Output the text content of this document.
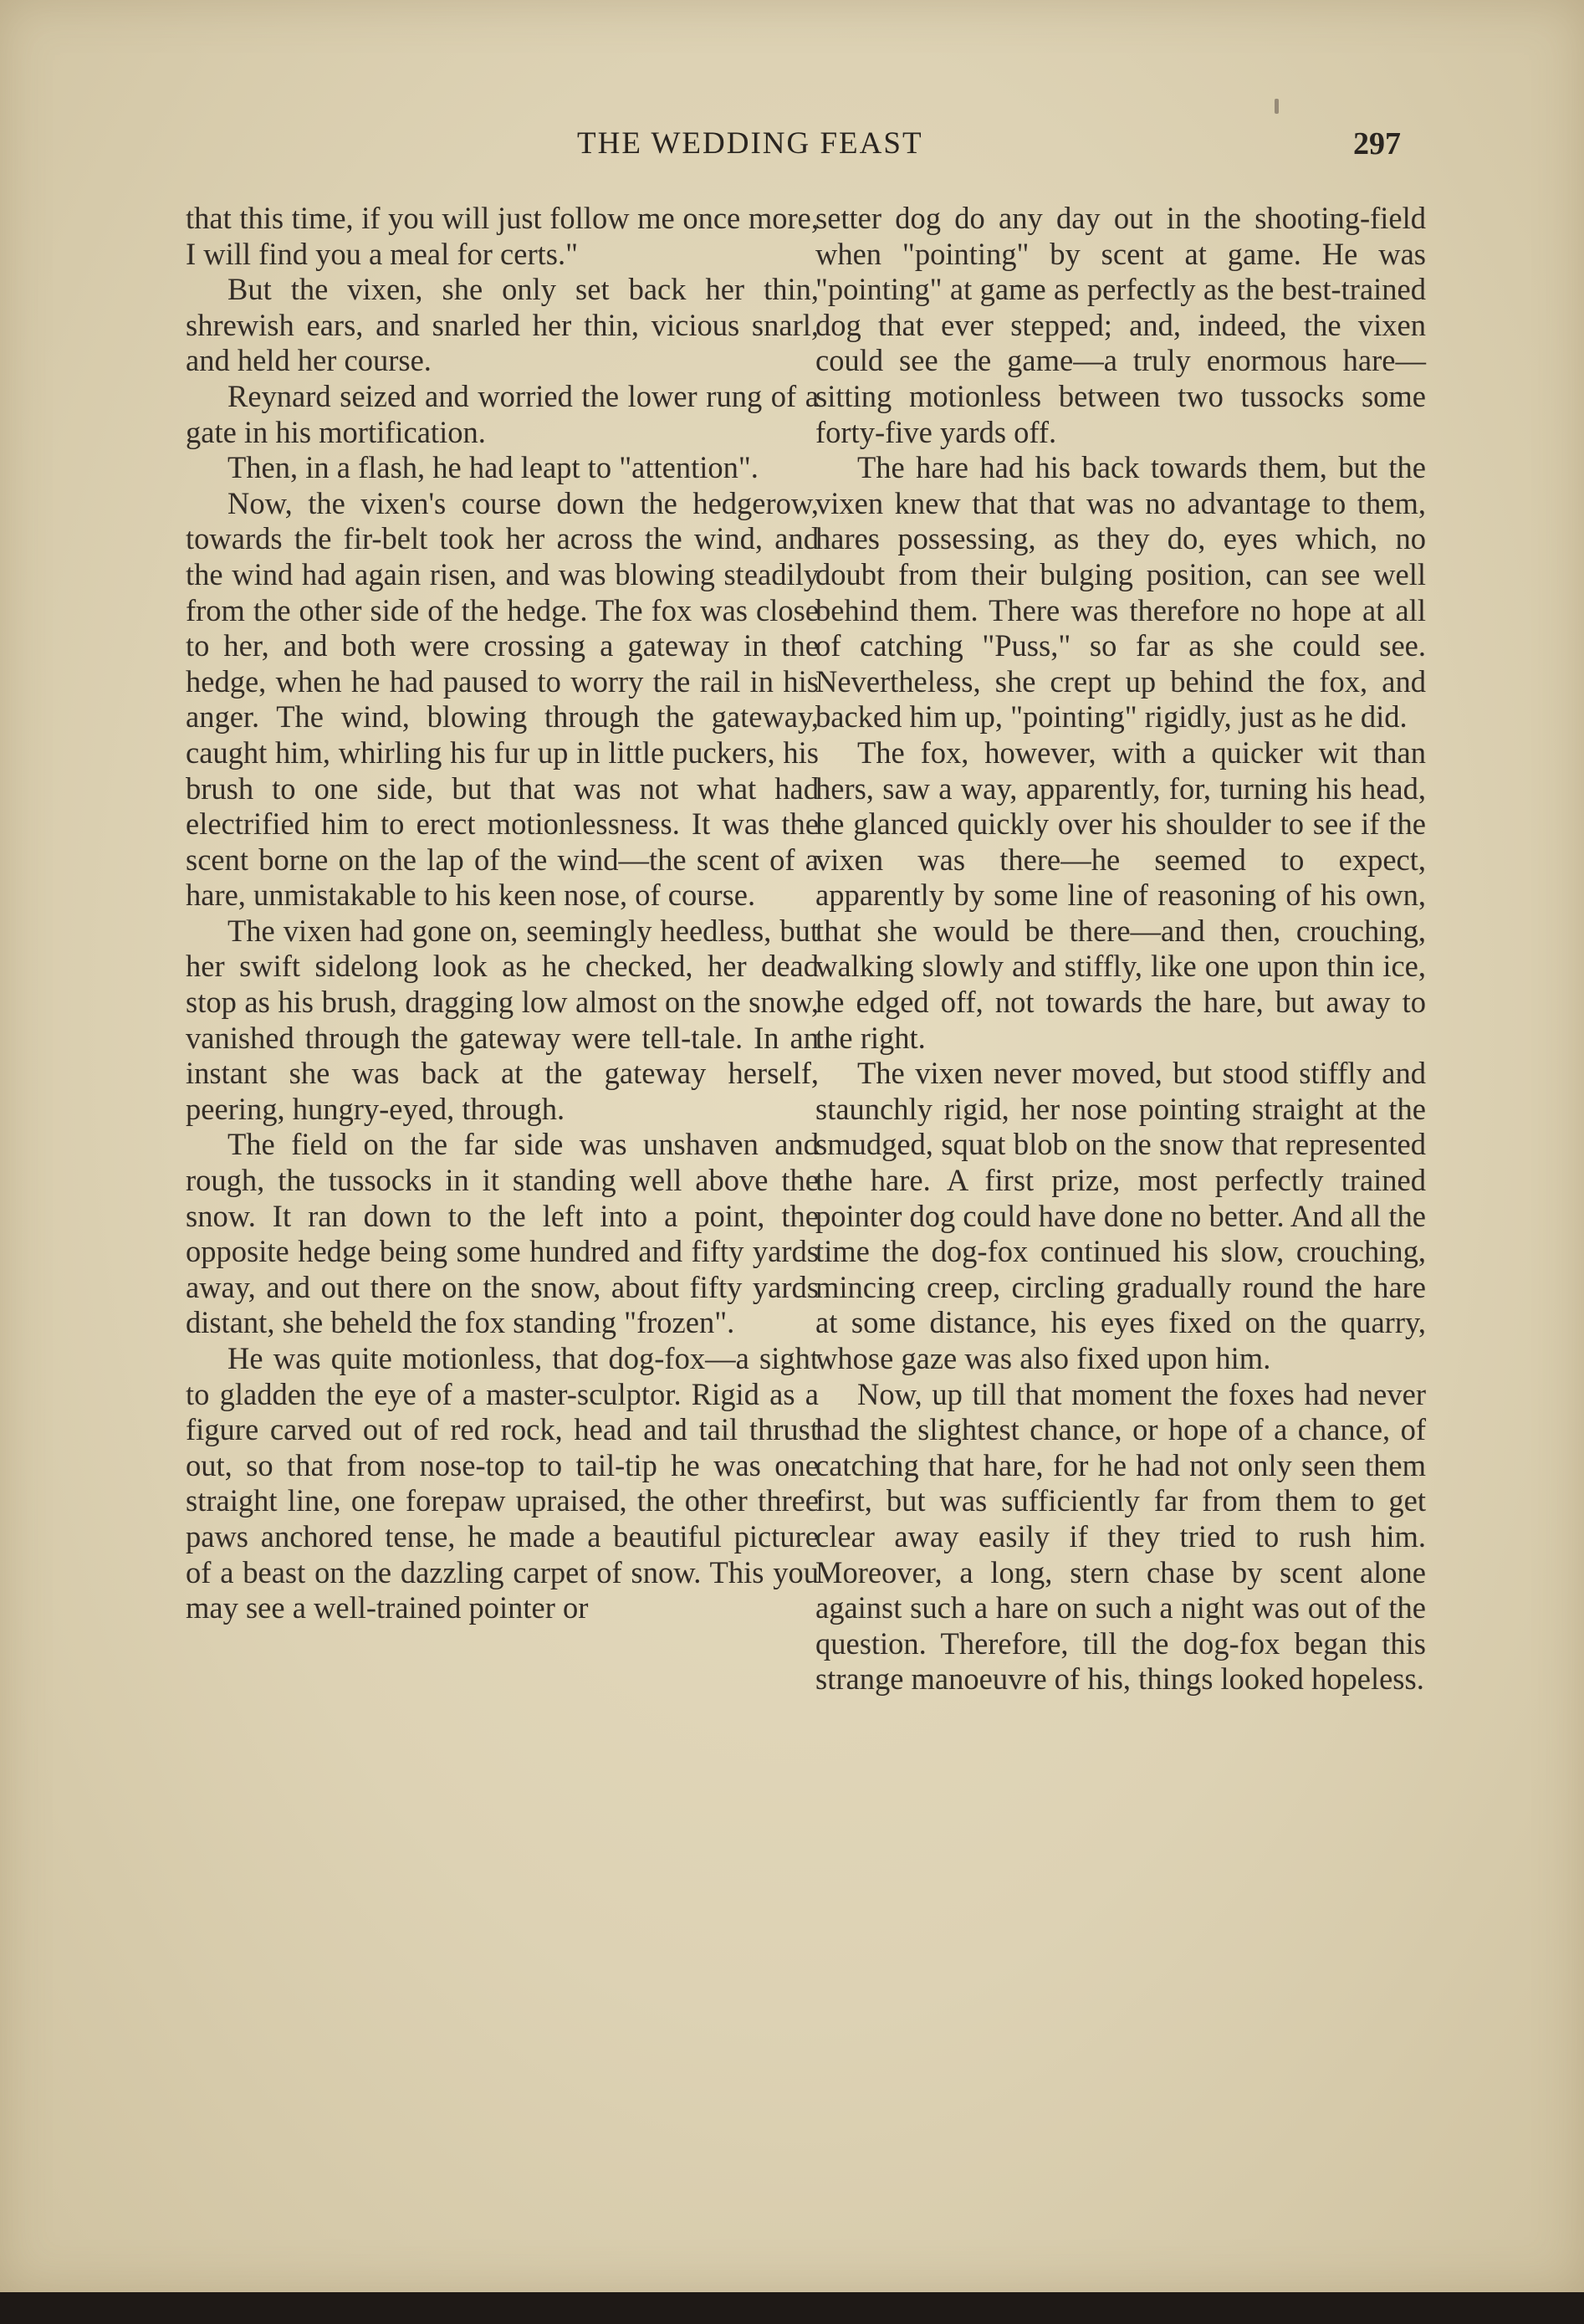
THE WEDDING FEAST	297

that this time, if you will just follow me once more, I will find you a meal for certs."

But the vixen, she only set back her thin, shrewish ears, and snarled her thin, vicious snarl, and held her course.

Reynard seized and worried the lower rung of a gate in his mortification.

Then, in a flash, he had leapt to "attention".

Now, the vixen's course down the hedgerow, towards the fir-belt took her across the wind, and the wind had again risen, and was blowing steadily from the other side of the hedge. The fox was close to her, and both were crossing a gateway in the hedge, when he had paused to worry the rail in his anger. The wind, blowing through the gateway, caught him, whirling his fur up in little puckers, his brush to one side, but that was not what had electrified him to erect motionlessness. It was the scent borne on the lap of the wind—the scent of a hare, unmistakable to his keen nose, of course.

The vixen had gone on, seemingly heedless, but her swift sidelong look as he checked, her dead stop as his brush, dragging low almost on the snow, vanished through the gateway were tell-tale. In an instant she was back at the gateway herself, peering, hungry-eyed, through.

The field on the far side was unshaven and rough, the tussocks in it standing well above the snow. It ran down to the left into a point, the opposite hedge being some hundred and fifty yards away, and out there on the snow, about fifty yards distant, she beheld the fox standing "frozen".

He was quite motionless, that dog-fox—a sight to gladden the eye of a master-sculptor. Rigid as a figure carved out of red rock, head and tail thrust out, so that from nose-top to tail-tip he was one straight line, one forepaw upraised, the other three paws anchored tense, he made a beautiful picture of a beast on the dazzling carpet of snow. This you may see a well-trained pointer or

setter dog do any day out in the shooting-field when "pointing" by scent at game. He was "pointing" at game as perfectly as the best-trained dog that ever stepped; and, indeed, the vixen could see the game—a truly enormous hare—sitting motionless between two tussocks some forty-five yards off.

The hare had his back towards them, but the vixen knew that that was no advantage to them, hares possessing, as they do, eyes which, no doubt from their bulging position, can see well behind them. There was therefore no hope at all of catching "Puss," so far as she could see. Nevertheless, she crept up behind the fox, and backed him up, "pointing" rigidly, just as he did.

The fox, however, with a quicker wit than hers, saw a way, apparently, for, turning his head, he glanced quickly over his shoulder to see if the vixen was there—he seemed to expect, apparently by some line of reasoning of his own, that she would be there—and then, crouching, walking slowly and stiffly, like one upon thin ice, he edged off, not towards the hare, but away to the right.

The vixen never moved, but stood stiffly and staunchly rigid, her nose pointing straight at the smudged, squat blob on the snow that represented the hare. A first prize, most perfectly trained pointer dog could have done no better. And all the time the dog-fox continued his slow, crouching, mincing creep, circling gradually round the hare at some distance, his eyes fixed on the quarry, whose gaze was also fixed upon him.

Now, up till that moment the foxes had never had the slightest chance, or hope of a chance, of catching that hare, for he had not only seen them first, but was sufficiently far from them to get clear away easily if they tried to rush him. Moreover, a long, stern chase by scent alone against such a hare on such a night was out of the question. Therefore, till the dog-fox began this strange manoeuvre of his, things looked hopeless.
